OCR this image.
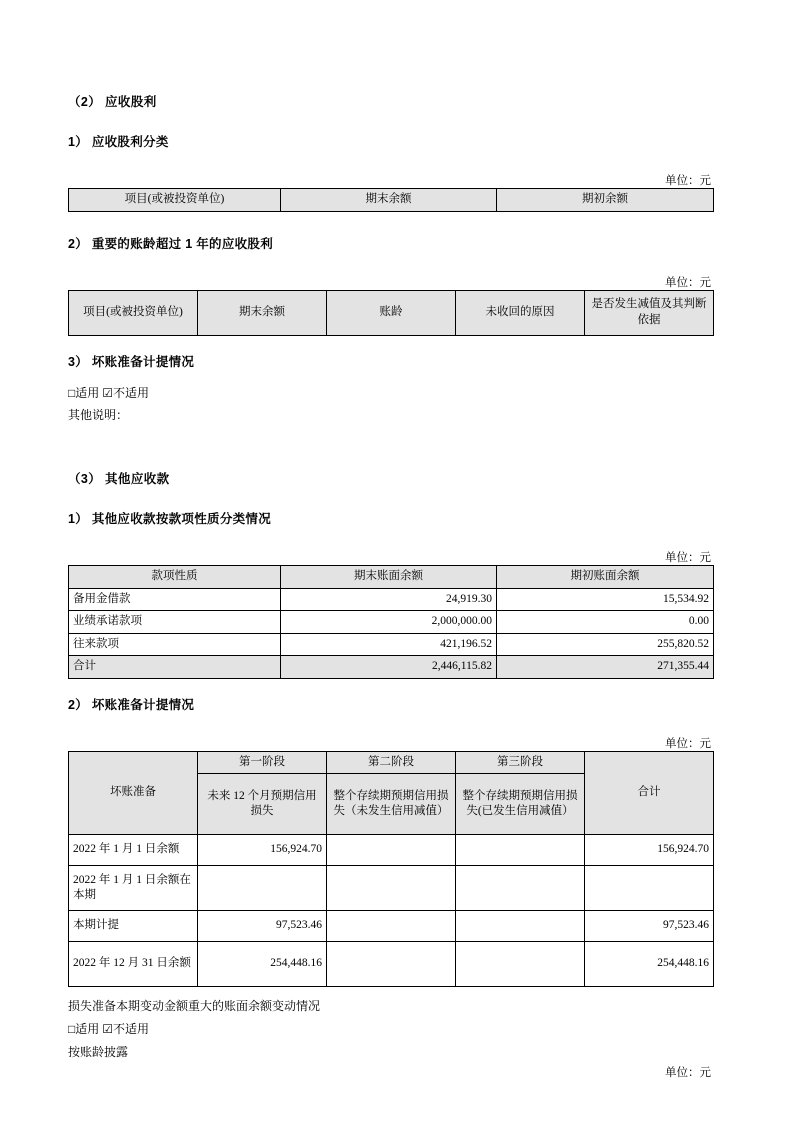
（2） 应收股利
1） 应收股利分类
单位：元
项目(或被投资单位)	期末余额	期初余额
2） 重要的账龄超过 1 年的应收股利
单位：元
项目(或被投资单位)	期末余额	账龄	未收回的原因	是否发生减值及其判断依据
3） 坏账准备计提情况
□适用 ☑不适用
其他说明：
（3） 其他应收款
1） 其他应收款按款项性质分类情况
单位：元
款项性质	期末账面余额	期初账面余额
备用金借款	24,919.30	15,534.92
业绩承诺款项	2,000,000.00	0.00
往来款项	421,196.52	255,820.52
合计	2,446,115.82	271,355.44
2） 坏账准备计提情况
单位：元
坏账准备	第一阶段	第二阶段	第三阶段	合计
	未来 12 个月预期信用损失	整个存续期预期信用损失（未发生信用减值）	整个存续期预期信用损失(已发生信用减值）	
2022 年 1 月 1 日余额	156,924.70			156,924.70
2022 年 1 月 1 日余额在本期				
本期计提	97,523.46			97,523.46
2022 年 12 月 31 日余额	254,448.16			254,448.16
损失准备本期变动金额重大的账面余额变动情况
□适用 ☑不适用
按账龄披露
单位：元
